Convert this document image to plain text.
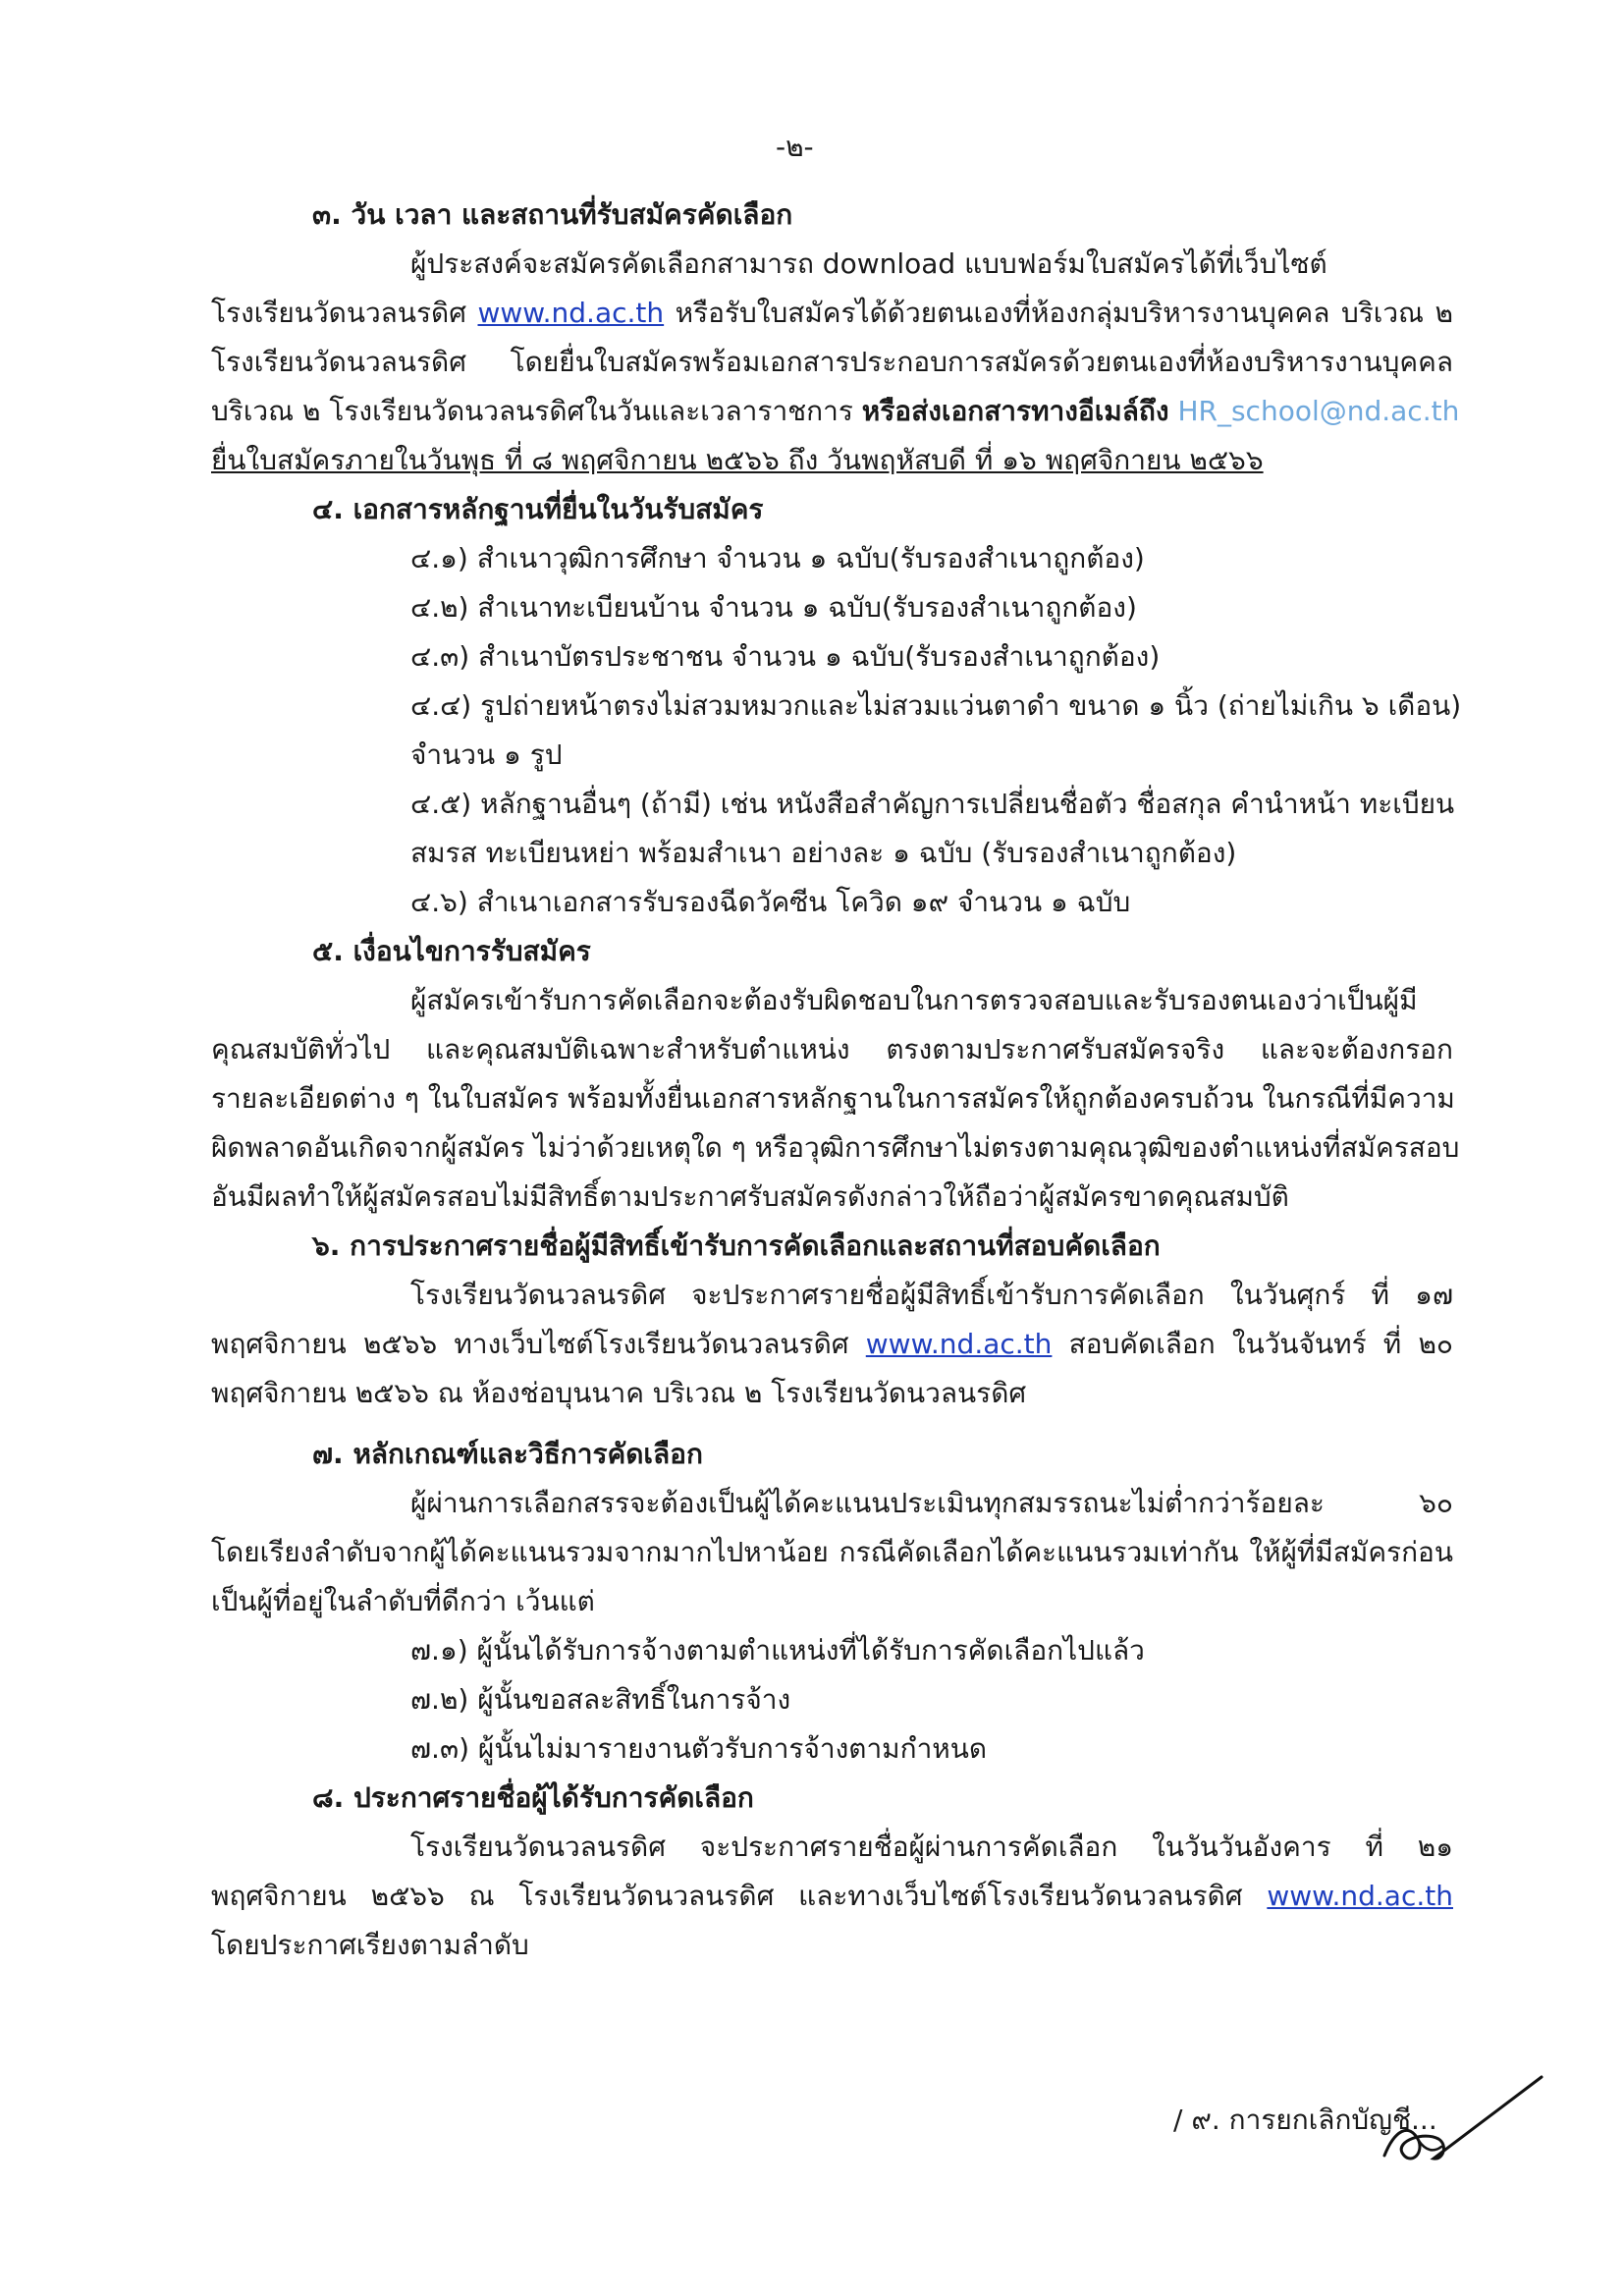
-๒-
๓. วัน เวลา และสถานที่รับสมัครคัดเลือก
ผู้ประสงค์จะสมัครคัดเลือกสามารถ download แบบฟอร์มใบสมัครได้ที่เว็บไซต์
โรงเรียนวัดนวลนรดิศ www.nd.ac.th หรือรับใบสมัครได้ด้วยตนเองที่ห้องกลุ่มบริหารงานบุคคล บริเวณ ๒
โรงเรียนวัดนวลนรดิศ โดยยื่นใบสมัครพร้อมเอกสารประกอบการสมัครด้วยตนเองที่ห้องบริหารงานบุคคล
บริเวณ ๒ โรงเรียนวัดนวลนรดิศในวันและเวลาราชการ หรือส่งเอกสารทางอีเมล์ถึง HR_school@nd.ac.th
ยื่นใบสมัครภายในวันพุธ ที่ ๘ พฤศจิกายน ๒๕๖๖ ถึง วันพฤหัสบดี ที่ ๑๖ พฤศจิกายน ๒๕๖๖
๔. เอกสารหลักฐานที่ยื่นในวันรับสมัคร
๔.๑) สำเนาวุฒิการศึกษา จำนวน ๑ ฉบับ(รับรองสำเนาถูกต้อง)
๔.๒) สำเนาทะเบียนบ้าน จำนวน ๑ ฉบับ(รับรองสำเนาถูกต้อง)
๔.๓) สำเนาบัตรประชาชน จำนวน ๑ ฉบับ(รับรองสำเนาถูกต้อง)
๔.๔) รูปถ่ายหน้าตรงไม่สวมหมวกและไม่สวมแว่นตาดำ ขนาด ๑ นิ้ว (ถ่ายไม่เกิน ๖ เดือน)
จำนวน ๑ รูป
๔.๕) หลักฐานอื่นๆ (ถ้ามี) เช่น หนังสือสำคัญการเปลี่ยนชื่อตัว ชื่อสกุล คำนำหน้า ทะเบียน
สมรส ทะเบียนหย่า พร้อมสำเนา อย่างละ ๑ ฉบับ (รับรองสำเนาถูกต้อง)
๔.๖) สำเนาเอกสารรับรองฉีดวัคซีน โควิด ๑๙ จำนวน ๑ ฉบับ
๕. เงื่อนไขการรับสมัคร
ผู้สมัครเข้ารับการคัดเลือกจะต้องรับผิดชอบในการตรวจสอบและรับรองตนเองว่าเป็นผู้มี
คุณสมบัติทั่วไป และคุณสมบัติเฉพาะสำหรับตำแหน่ง ตรงตามประกาศรับสมัครจริง และจะต้องกรอก
รายละเอียดต่าง ๆ ในใบสมัคร พร้อมทั้งยื่นเอกสารหลักฐานในการสมัครให้ถูกต้องครบถ้วน ในกรณีที่มีความ
ผิดพลาดอันเกิดจากผู้สมัคร ไม่ว่าด้วยเหตุใด ๆ หรือวุฒิการศึกษาไม่ตรงตามคุณวุฒิของตำแหน่งที่สมัครสอบ
อันมีผลทำให้ผู้สมัครสอบไม่มีสิทธิ์ตามประกาศรับสมัครดังกล่าวให้ถือว่าผู้สมัครขาดคุณสมบัติ
๖. การประกาศรายชื่อผู้มีสิทธิ์เข้ารับการคัดเลือกและสถานที่สอบคัดเลือก
โรงเรียนวัดนวลนรดิศ จะประกาศรายชื่อผู้มีสิทธิ์เข้ารับการคัดเลือก ในวันศุกร์ ที่ ๑๗
พฤศจิกายน ๒๕๖๖ ทางเว็บไซต์โรงเรียนวัดนวลนรดิศ www.nd.ac.th สอบคัดเลือก ในวันจันทร์ ที่ ๒๐
พฤศจิกายน ๒๕๖๖ ณ ห้องช่อบุนนาค บริเวณ ๒ โรงเรียนวัดนวลนรดิศ
๗. หลักเกณฑ์และวิธีการคัดเลือก
ผู้ผ่านการเลือกสรรจะต้องเป็นผู้ได้คะแนนประเมินทุกสมรรถนะไม่ต่ำกว่าร้อยละ ๖๐
โดยเรียงลำดับจากผู้ได้คะแนนรวมจากมากไปหาน้อย กรณีคัดเลือกได้คะแนนรวมเท่ากัน ให้ผู้ที่มีสมัครก่อน
เป็นผู้ที่อยู่ในลำดับที่ดีกว่า เว้นแต่
๗.๑) ผู้นั้นได้รับการจ้างตามตำแหน่งที่ได้รับการคัดเลือกไปแล้ว
๗.๒) ผู้นั้นขอสละสิทธิ์ในการจ้าง
๗.๓) ผู้นั้นไม่มารายงานตัวรับการจ้างตามกำหนด
๘. ประกาศรายชื่อผู้ได้รับการคัดเลือก
โรงเรียนวัดนวลนรดิศ จะประกาศรายชื่อผู้ผ่านการคัดเลือก ในวันวันอังคาร ที่ ๒๑
พฤศจิกายน ๒๕๖๖ ณ โรงเรียนวัดนวลนรดิศ และทางเว็บไซต์โรงเรียนวัดนวลนรดิศ www.nd.ac.th
โดยประกาศเรียงตามลำดับ
/ ๙. การยกเลิกบัญชี...
